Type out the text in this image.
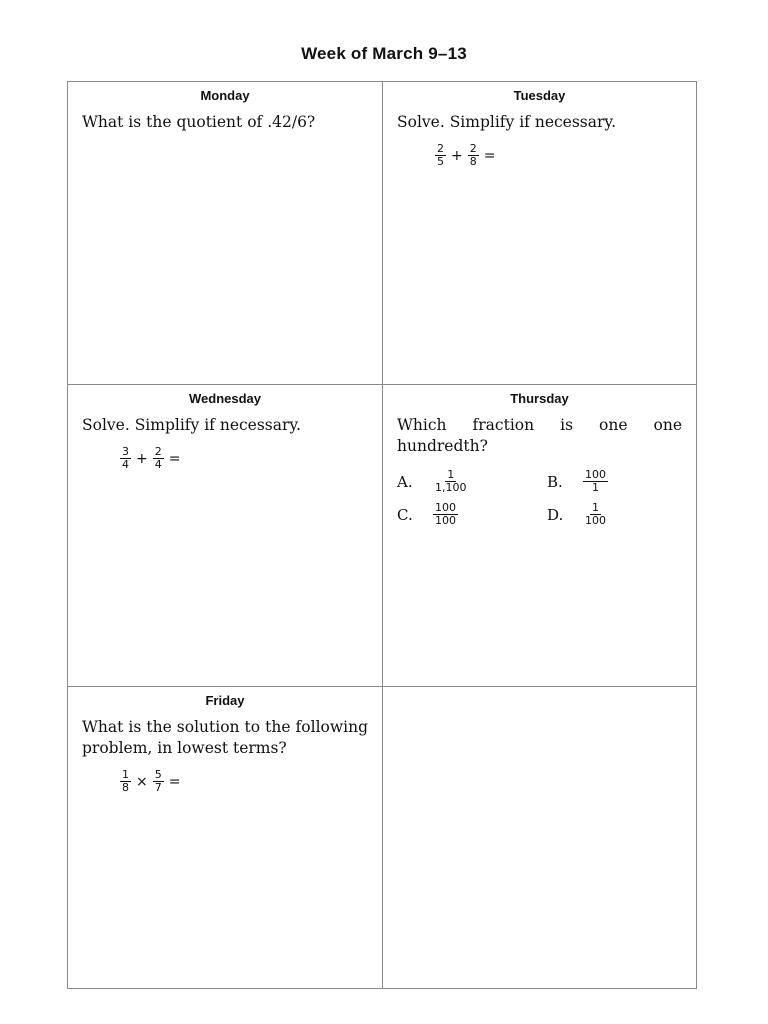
Week of March 9–13
Monday
What is the quotient of .42/6?
Tuesday
Solve. Simplify if necessary.
$\frac{2}{5} + \frac{2}{8}$ =
Wednesday
Solve. Simplify if necessary.
$\frac{3}{4} + \frac{2}{4}$ =
Thursday
Which fraction is one one hundredth?
A.	$\frac{1}{1,100}$	B.	$\frac{100}{1}$
C.	$\frac{100}{100}$	D.	$\frac{1}{100}$
Friday
What is the solution to the following problem, in lowest terms?
$\frac{1}{8} \times \frac{5}{7}$ =
